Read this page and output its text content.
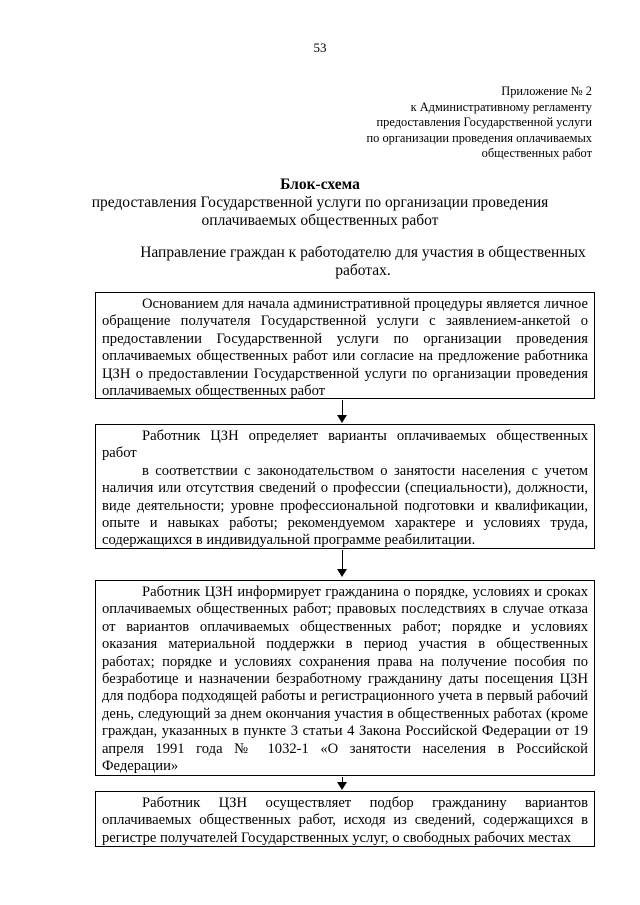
53
Приложение № 2
к Административному регламенту
предоставления Государственной услуги
по организации проведения оплачиваемых
общественных работ
Блок-схема
предоставления Государственной услуги по организации проведения
оплачиваемых общественных работ
Направление граждан к работодателю для участия в общественных
работах.

Основанием для начала административной процедуры является личное обращение получателя Государственной услуги с заявлением-анкетой о предоставлении Государственной услуги по организации проведения оплачиваемых общественных работ или согласие на предложение работника ЦЗН о предоставлении Государственной услуги по организации проведения оплачиваемых общественных работ

Работник ЦЗН определяет варианты оплачиваемых общественных работ

в соответствии с законодательством о занятости населения с учетом наличия или отсутствия сведений о профессии (специальности), должности, виде деятельности; уровне профессиональной подготовки и квалификации, опыте и навыках работы; рекомендуемом характере и условиях труда, содержащихся в индивидуальной программе реабилитации.

Работник ЦЗН информирует гражданина о порядке, условиях и сроках оплачиваемых общественных работ; правовых последствиях в случае отказа от вариантов оплачиваемых общественных работ; порядке и условиях оказания материальной поддержки в период участия в общественных работах; порядке и условиях сохранения права на получение пособия по безработице и назначении безработному гражданину даты посещения ЦЗН для подбора подходящей работы и регистрационного учета в первый рабочий день, следующий за днем окончания участия в общественных работах (кроме граждан, указанных в пункте 3 статьи 4 Закона Российской Федерации от 19 апреля 1991 года № 1032-1 «О занятости населения в Российской Федерации»

Работник ЦЗН осуществляет подбор гражданину вариантов оплачиваемых общественных работ, исходя из сведений, содержащихся в регистре получателей Государственных услуг, о свободных рабочих местах
